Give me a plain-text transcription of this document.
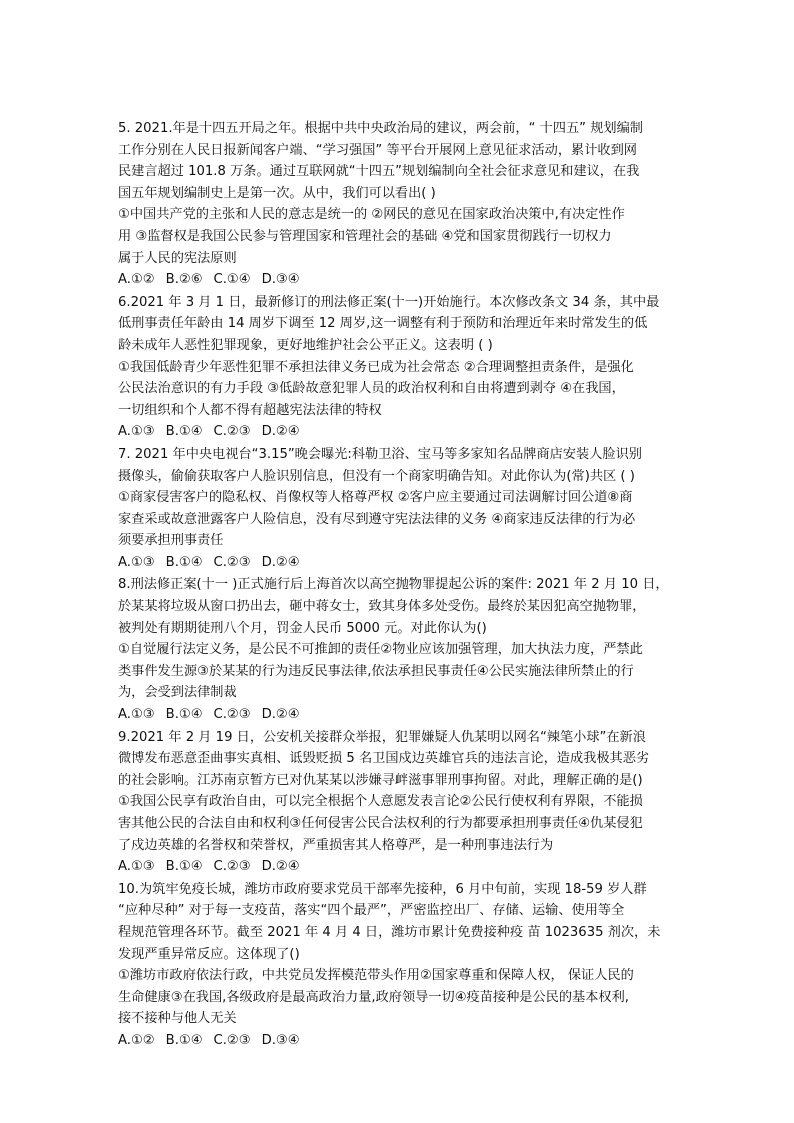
5. 2021.年是十四五开局之年。根据中共中央政治局的建议，两会前，“ 十四五” 规划编制
工作分别在人民日报新闻客户端、“学习强国” 等平台开展网上意见征求活动，累计收到网
民建言超过 101.8 万条。通过互联网就“十四五”规划编制向全社会征求意见和建议，在我
国五年规划编制史上是第一次。从中，我们可以看出( )
①中国共产党的主张和人民的意志是统一的 ②网民的意见在国家政治决策中,有决定性作
用 ③监督权是我国公民参与管理国家和管理社会的基础 ④党和国家贯彻践行一切权力
属于人民的宪法原则
A.①② B.②⑥ C.①④ D.③④
6.2021 年 3 月 1 日，最新修订的刑法修正案(十一)开始施行。本次修改条文 34 条，其中最
低刑事责任年龄由 14 周岁下调至 12 周岁,这一调整有利于预防和治理近年来时常发生的低
龄未成年人恶性犯罪现象，更好地维护社会公平正义。这表明 ( )
①我国低龄青少年恶性犯罪不承担法律义务已成为社会常态 ②合理调整担责条件，是强化
公民法治意识的有力手段 ③低龄故意犯罪人员的政治权利和自由将遭到剥夺 ④在我国，
一切组织和个人都不得有超越宪法法律的特权
A.①③ B.①④ C.②③ D.②④
7. 2021 年中央电视台“3.15”晚会曝光:科勒卫浴、宝马等多家知名品牌商店安装人脸识别
摄像头，偷偷获取客户人脸识别信息，但没有一个商家明确告知。对此你认为(常)共区 ( )
①商家侵害客户的隐私权、肖像权等人格尊严权 ②客户应主要通过司法调解讨回公道⑧商
家查采或故意泄露客户人险信息，没有尽到遵守宪法法律的义务 ④商家违反法律的行为必
须要承担刑事责任
A.①③ B.①④ C.②③ D.②④
8.刑法修正案(十一 )正式施行后上海首次以高空抛物罪提起公诉的案件: 2021 年 2 月 10 日，
於某某将垃圾从窗口扔出去，砸中蒋女士，致其身体多处受伤。最终於某因犯高空抛物罪，
被判处有期期徒刑八个月，罚金人民币 5000 元。对此你认为()
①自觉履行法定义务，是公民不可推卸的责任②物业应该加强管理，加大执法力度，严禁此
类事件发生源③於某某的行为违反民事法律,依法承担民事责任④公民实施法律所禁止的行
为，会受到法律制裁
A.①③ B.①④ C.②③ D.②④
9.2021 年 2 月 19 日，公安机关接群众举报，犯罪嫌疑人仇某明以网名“辣笔小球”在新浪
微博发布恶意歪曲事实真相、诋毁贬损 5 名卫国戍边英雄官兵的违法言论，造成我极其恶劣
的社会影响。江苏南京暂方已对仇某某以涉嫌寻衅滋事罪刑事拘留。对此，理解正确的是()
①我国公民享有政治自由，可以完全根据个人意愿发表言论②公民行使权利有界限，不能损
害其他公民的合法自由和权利③任何侵害公民合法权利的行为都要承担刑事责任④仇某侵犯
了戍边英雄的名誉权和荣誉权，严重损害其人格尊严，是一种刑事违法行为
A.①③ B.①④ C.②③ D.②④
10.为筑牢免疫长城，潍坊市政府要求党员干部率先接种，6 月中旬前，实现 18-59 岁人群
“应种尽种” 对于每一支疫苗，落实“四个最严”，严密监控出厂、存储、运输、使用等全
程规范管理各环节。截至 2021 年 4 月 4 日，潍坊市累计免费接种疫 苗 1023635 剂次，未
发现严重异常反应。这体现了()
①潍坊市政府依法行政，中共党员发挥模范带头作用②国家尊重和保障人权， 保证人民的
生命健康③在我国,各级政府是最高政治力量,政府领导一切④疫苗接种是公民的基本权利,
接不接种与他人无关
A.①② B.①④ C.②③ D.③④
